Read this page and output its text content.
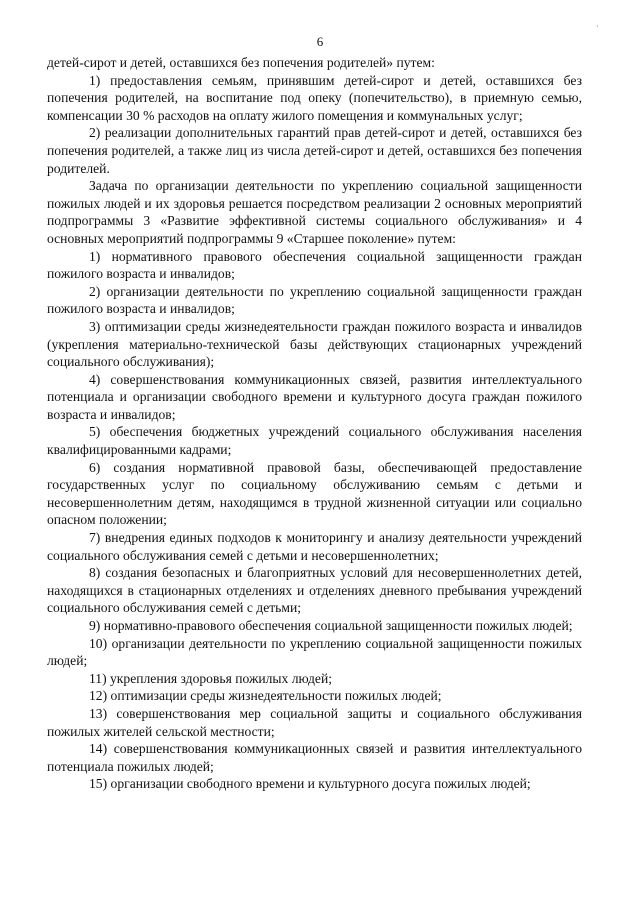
·
6

детей-сирот и детей, оставшихся без попечения родителей» путем:

1) предоставления семьям, принявшим детей-сирот и детей, оставшихся без попечения родителей, на воспитание под опеку (попечительство), в приемную семью, компенсации 30 % расходов на оплату жилого помещения и коммунальных услуг;

2) реализации дополнительных гарантий прав детей-сирот и детей, оставшихся без попечения родителей, а также лиц из числа детей-сирот и детей, оставшихся без попечения родителей.

Задача по организации деятельности по укреплению социальной защищенности пожилых людей и их здоровья решается посредством реализации 2 основных мероприятий подпрограммы 3 «Развитие эффективной системы социального обслуживания» и 4 основных мероприятий подпрограммы 9 «Старшее поколение» путем:

1) нормативного правового обеспечения социальной защищенности граждан пожилого возраста и инвалидов;

2) организации деятельности по укреплению социальной защищенности граждан пожилого возраста и инвалидов;

3) оптимизации среды жизнедеятельности граждан пожилого возраста и инвалидов (укрепления материально-технической базы действующих стационарных учреждений социального обслуживания);

4) совершенствования коммуникационных связей, развития интеллектуального потенциала и организации свободного времени и культурного досуга граждан пожилого возраста и инвалидов;

5) обеспечения бюджетных учреждений социального обслуживания населения квалифицированными кадрами;

6) создания нормативной правовой базы, обеспечивающей предоставление государственных услуг по социальному обслуживанию семьям с детьми и несовершеннолетним детям, находящимся в трудной жизненной ситуации или социально опасном положении;

7) внедрения единых подходов к мониторингу и анализу деятельности учреждений социального обслуживания семей с детьми и несовершеннолетних;

8) создания безопасных и благоприятных условий для несовершеннолетних детей, находящихся в стационарных отделениях и отделениях дневного пребывания учреждений социального обслуживания семей с детьми;

9) нормативно-правового обеспечения социальной защищенности пожилых людей;

10) организации деятельности по укреплению социальной защищенности пожилых людей;

11) укрепления здоровья пожилых людей;

12) оптимизации среды жизнедеятельности пожилых людей;

13) совершенствования мер социальной защиты и социального обслуживания пожилых жителей сельской местности;

14) совершенствования коммуникационных связей и развития интеллектуального потенциала пожилых людей;

15) организации свободного времени и культурного досуга пожилых людей;
